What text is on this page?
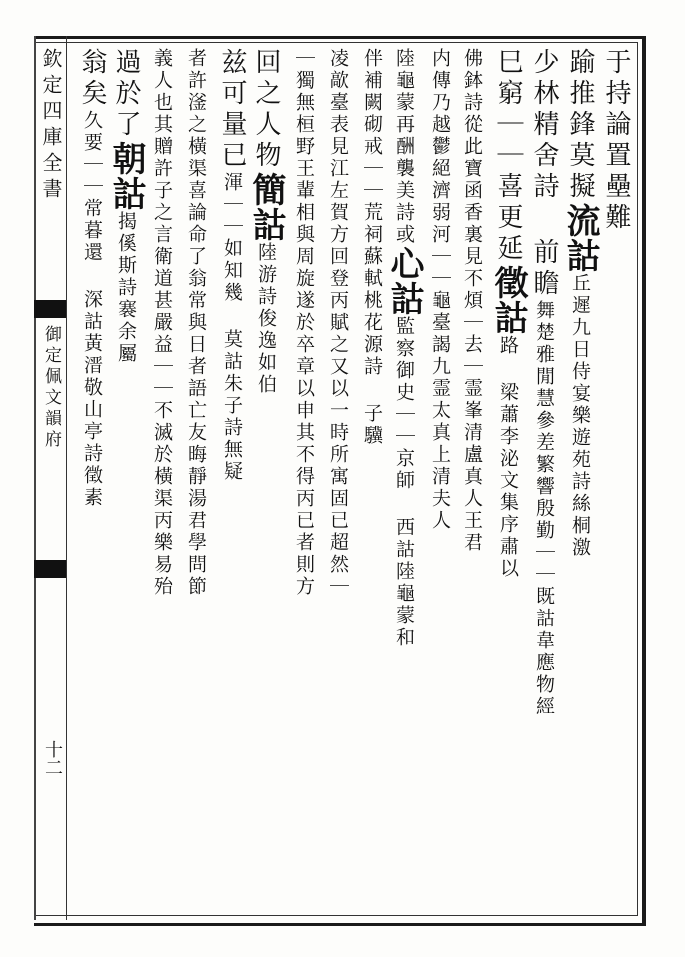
欽定四庫全書
御定佩文韻府
十二
于持論置壘難
踰推鋒莫擬流詁丘遲九日侍宴樂遊苑詩絲桐激
少林精舍詩 前瞻舞楚雅閒慧參差繁響殷勤｜｜既詁韋應物經
巳窮｜｜喜更延徵詁路 梁蕭李泌文集序肅以
佛鉢詩從此寶函香裏見不煩｜去｜霊峯清盧真人王君
内傳乃越鬱絕濟弱河｜｜龜臺謁九霊太真上清夫人
陸龜蒙再酬襲美詩或心詁監察御史｜｜京師 西詁陸龜蒙和
伴補闕砌戒｜｜荒祠蘇軾桃花源詩 子驥
凌歊臺表見江左賀方回登丙賦之又以一時所寓固已超然｜
｜獨無桓野王輩相與周旋遂於卒章以申其不得丙已者則方
回之人物簡詁陸游詩俊逸如伯
兹可量已渾｜｜如知幾 莫詁朱子詩無疑
者許滏之橫渠喜論命了翁常與日者語亡友晦靜湯君學問節
義人也其贈許子之言衛道甚嚴益｜｜不滅於橫渠丙樂易殆
過於了朝詁揭傒斯詩褰余屬
翁矣久要｜｜常暮還 深詁黃溍敬山亭詩徵素
